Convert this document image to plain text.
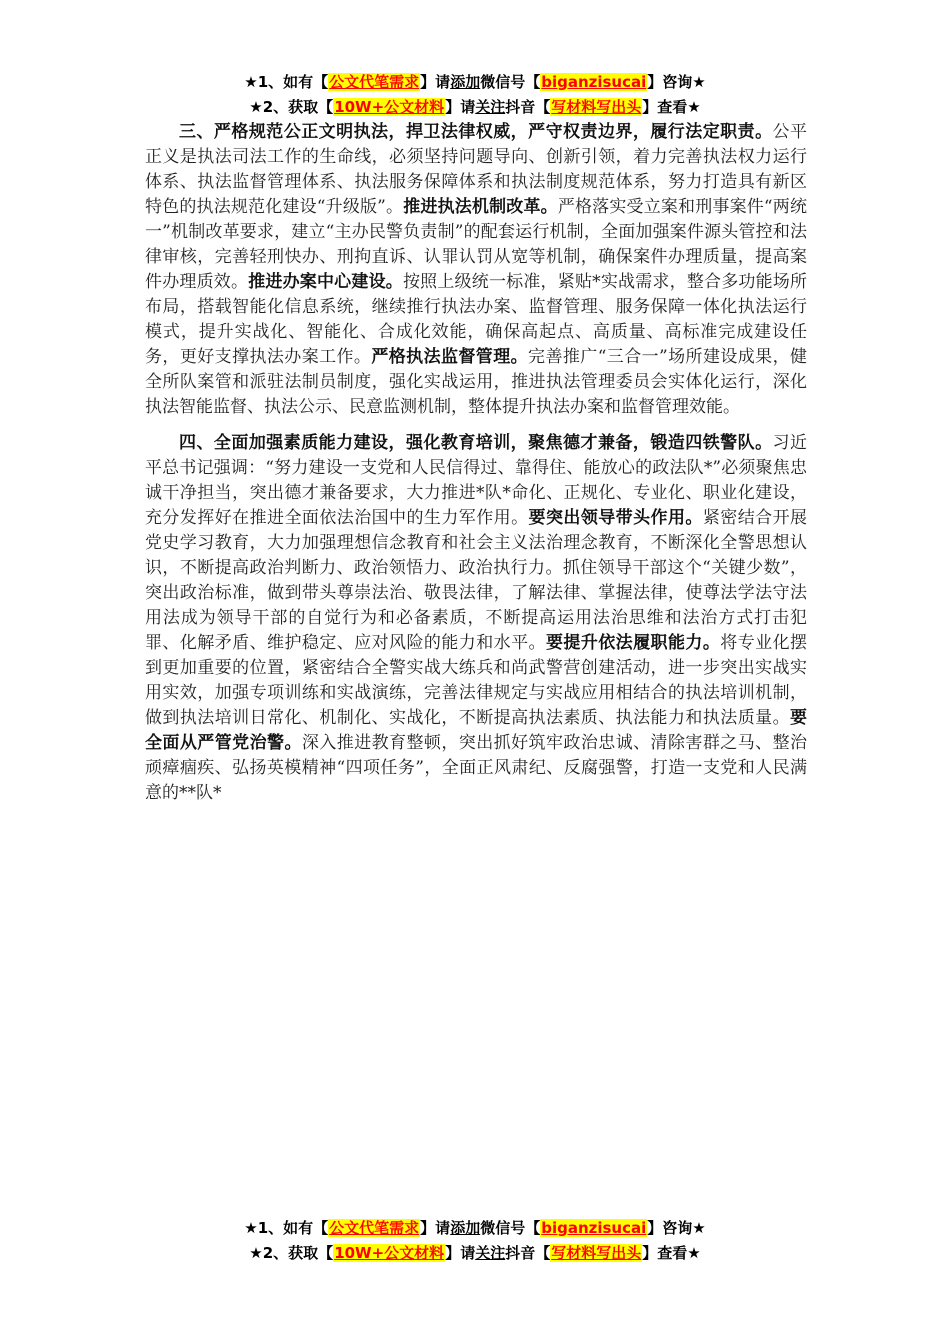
★1、如有【公文代笔需求】请添加微信号【biganzisucai】咨询★
★2、获取【10W+公文材料】请关注抖音【写材料写出头】查看★

三、严格规范公正文明执法，捍卫法律权威，严守权责边界，履行法定职责。公平正义是执法司法工作的生命线，必须坚持问题导向、创新引领，着力完善执法权力运行体系、执法监督管理体系、执法服务保障体系和执法制度规范体系，努力打造具有新区特色的执法规范化建设“升级版”。推进执法机制改革。严格落实受立案和刑事案件“两统一”机制改革要求，建立“主办民警负责制”的配套运行机制，全面加强案件源头管控和法律审核，完善轻刑快办、刑拘直诉、认罪认罚从宽等机制，确保案件办理质量，提高案件办理质效。推进办案中心建设。按照上级统一标准，紧贴*实战需求，整合多功能场所布局，搭载智能化信息系统，继续推行执法办案、监督管理、服务保障一体化执法运行模式，提升实战化、智能化、合成化效能，确保高起点、高质量、高标准完成建设任务，更好支撑执法办案工作。严格执法监督管理。完善推广“三合一”场所建设成果，健全所队案管和派驻法制员制度，强化实战运用，推进执法管理委员会实体化运行，深化执法智能监督、执法公示、民意监测机制，整体提升执法办案和监督管理效能。

四、全面加强素质能力建设，强化教育培训，聚焦德才兼备，锻造四铁警队。习近平总书记强调：“努力建设一支党和人民信得过、靠得住、能放心的政法队*”必须聚焦忠诚干净担当，突出德才兼备要求，大力推进*队*命化、正规化、专业化、职业化建设，充分发挥好在推进全面依法治国中的生力军作用。要突出领导带头作用。紧密结合开展党史学习教育，大力加强理想信念教育和社会主义法治理念教育，不断深化全警思想认识，不断提高政治判断力、政治领悟力、政治执行力。抓住领导干部这个“关键少数”，突出政治标准，做到带头尊崇法治、敬畏法律，了解法律、掌握法律，使尊法学法守法用法成为领导干部的自觉行为和必备素质，不断提高运用法治思维和法治方式打击犯罪、化解矛盾、维护稳定、应对风险的能力和水平。要提升依法履职能力。将专业化摆到更加重要的位置，紧密结合全警实战大练兵和尚武警营创建活动，进一步突出实战实用实效，加强专项训练和实战演练，完善法律规定与实战应用相结合的执法培训机制，做到执法培训日常化、机制化、实战化，不断提高执法素质、执法能力和执法质量。要全面从严管党治警。深入推进教育整顿，突出抓好筑牢政治忠诚、清除害群之马、整治顽瘴痼疾、弘扬英模精神“四项任务”，全面正风肃纪、反腐强警，打造一支党和人民满意的**队*

★1、如有【公文代笔需求】请添加微信号【biganzisucai】咨询★
★2、获取【10W+公文材料】请关注抖音【写材料写出头】查看★
